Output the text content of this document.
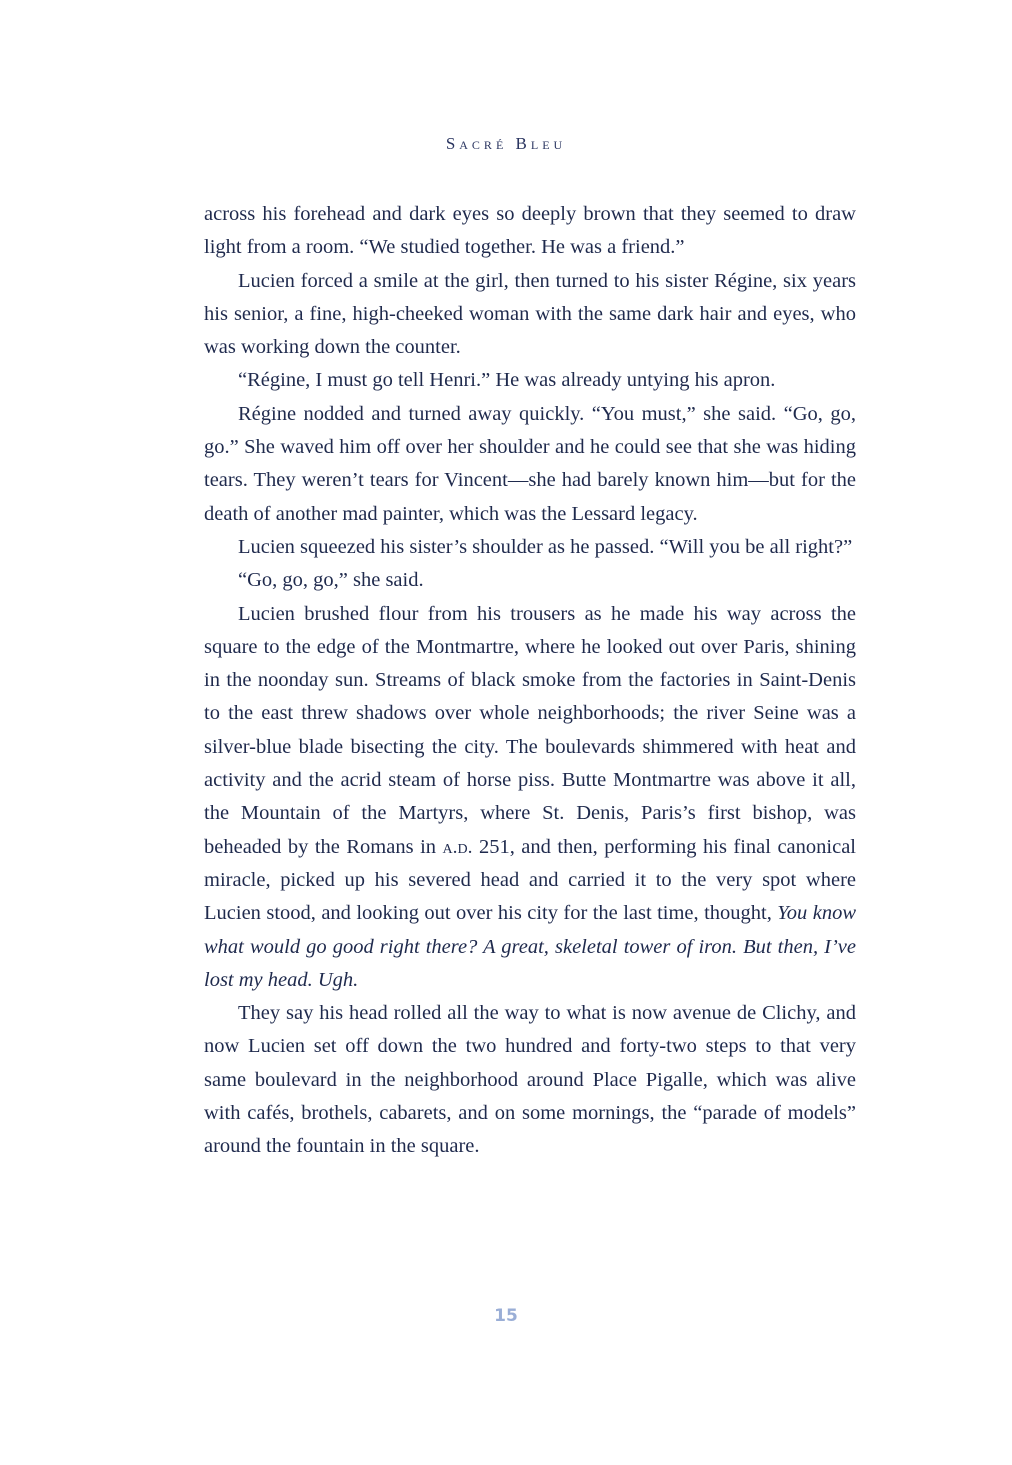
Sacré Bleu

across his forehead and dark eyes so deeply brown that they seemed to draw light from a room. “We studied together. He was a friend.”

Lucien forced a smile at the girl, then turned to his sister Régine, six years his senior, a fine, high-cheeked woman with the same dark hair and eyes, who was working down the counter.

“Régine, I must go tell Henri.” He was already untying his apron.

Régine nodded and turned away quickly. “You must,” she said. “Go, go, go.” She waved him off over her shoulder and he could see that she was hiding tears. They weren’t tears for Vincent—she had barely known him—but for the death of another mad painter, which was the Lessard legacy.

Lucien squeezed his sister’s shoulder as he passed. “Will you be all right?”

“Go, go, go,” she said.

Lucien brushed flour from his trousers as he made his way across the square to the edge of the Montmartre, where he looked out over Paris, shining in the noonday sun. Streams of black smoke from the factories in Saint-Denis to the east threw shadows over whole neighborhoods; the river Seine was a silver-blue blade bisecting the city. The boulevards shimmered with heat and activity and the acrid steam of horse piss. Butte Montmartre was above it all, the Mountain of the Martyrs, where St. Denis, Paris’s first bishop, was beheaded by the Romans in a.d. 251, and then, performing his final canonical miracle, picked up his severed head and carried it to the very spot where Lucien stood, and looking out over his city for the last time, thought, You know what would go good right there? A great, skeletal tower of iron. But then, I’ve lost my head. Ugh.

They say his head rolled all the way to what is now avenue de Clichy, and now Lucien set off down the two hundred and forty-two steps to that very same boulevard in the neighborhood around Place Pigalle, which was alive with cafés, brothels, cabarets, and on some mornings, the “parade of models” around the fountain in the square.

15
